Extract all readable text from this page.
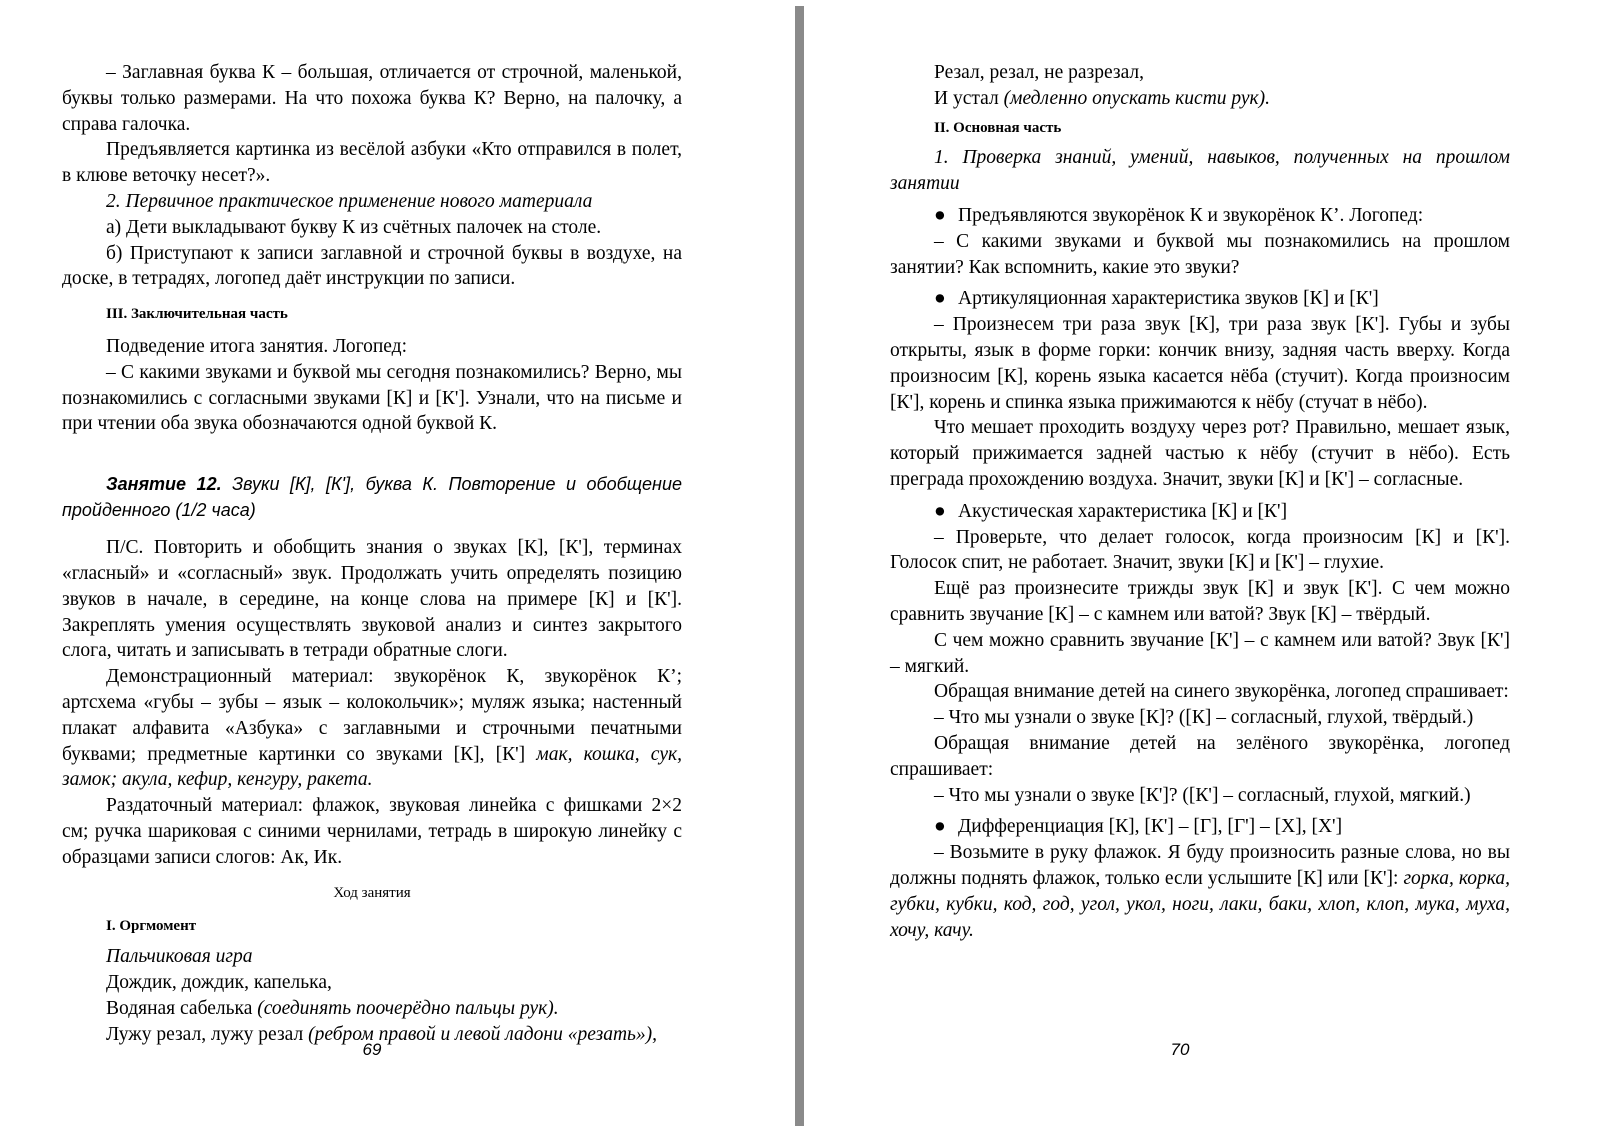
– Заглавная буква К – большая, отличается от строчной, маленькой, буквы только размерами. На что похожа буква К? Верно, на палочку, а справа галочка.

Предъявляется картинка из весёлой азбуки «Кто отправился в полет, в клюве веточку несет?».

2. Первичное практическое применение нового материала

а) Дети выкладывают букву К из счётных палочек на столе.

б) Приступают к записи заглавной и строчной буквы в воздухе, на доске, в тетрадях, логопед даёт инструкции по записи.

III. Заключительная часть

Подведение итога занятия. Логопед:

– С какими звуками и буквой мы сегодня познакомились? Верно, мы познакомились с согласными звуками [К] и [К']. Узнали, что на письме и при чтении оба звука обозначаются одной буквой К.

Занятие 12. Звуки [К], [К'], буква К. Повторение и обобщение пройденного (1/2 часа)

П/С. Повторить и обобщить знания о звуках [К], [К'], терминах «гласный» и «согласный» звук. Продолжать учить определять позицию звуков в начале, в середине, на конце слова на примере [К] и [К']. Закреплять умения осуществлять звуковой анализ и синтез закрытого слога, читать и записывать в тетради обратные слоги.

Демонстрационный материал: звукорёнок К, звукорёнок К’; артсхема «губы – зубы – язык – колокольчик»; муляж языка; настенный плакат алфавита «Азбука» с заглавными и строчными печатными буквами; предметные картинки со звуками [К], [К'] мак, кошка, сук, замок; акула, кефир, кенгуру, ракета.

Раздаточный материал: флажок, звуковая линейка с фишками 2×2 см; ручка шариковая с синими чернилами, тетрадь в широкую линейку с образцами записи слогов: Ак, Ик.

Ход занятия
I. Оргмомент

Пальчиковая игра

Дождик, дождик, капелька,

Водяная сабелька (соединять поочерёдно пальцы рук).

Лужу резал, лужу резал (ребром правой и левой ладони «резать»),

69

Резал, резал, не разрезал,

И устал (медленно опускать кисти рук).

II. Основная часть

1. Проверка знаний, умений, навыков, полученных на прошлом занятии

● Предъявляются звукорёнок К и звукорёнок К’. Логопед:

– С какими звуками и буквой мы познакомились на прошлом занятии? Как вспомнить, какие это звуки?

● Артикуляционная характеристика звуков [К] и [К']

– Произнесем три раза звук [К], три раза звук [К']. Губы и зубы открыты, язык в форме горки: кончик внизу, задняя часть вверху. Когда произносим [К], корень языка касается нёба (стучит). Когда произносим [К'], корень и спинка языка прижимаются к нёбу (стучат в нёбо).

Что мешает проходить воздуху через рот? Правильно, мешает язык, который прижимается задней частью к нёбу (стучит в нёбо). Есть преграда прохождению воздуха. Значит, звуки [К] и [К'] – согласные.

● Акустическая характеристика [К] и [К']

– Проверьте, что делает голосок, когда произносим [К] и [К']. Голосок спит, не работает. Значит, звуки [К] и [К'] – глухие.

Ещё раз произнесите трижды звук [К] и звук [К']. С чем можно сравнить звучание [К] – с камнем или ватой? Звук [К] – твёрдый.

С чем можно сравнить звучание [К'] – с камнем или ватой? Звук [К'] – мягкий.

Обращая внимание детей на синего звукорёнка, логопед спрашивает:

– Что мы узнали о звуке [К]? ([К] – согласный, глухой, твёрдый.)

Обращая внимание детей на зелёного звукорёнка, логопед спрашивает:

– Что мы узнали о звуке [К']? ([К'] – согласный, глухой, мягкий.)

● Дифференциация [К], [К'] – [Г], [Г'] – [Х], [Х']

– Возьмите в руку флажок. Я буду произносить разные слова, но вы должны поднять флажок, только если услышите [К] или [К']: горка, корка, губки, кубки, код, год, угол, укол, ноги, лаки, баки, хлоп, клоп, мука, муха, хочу, качу.

70
